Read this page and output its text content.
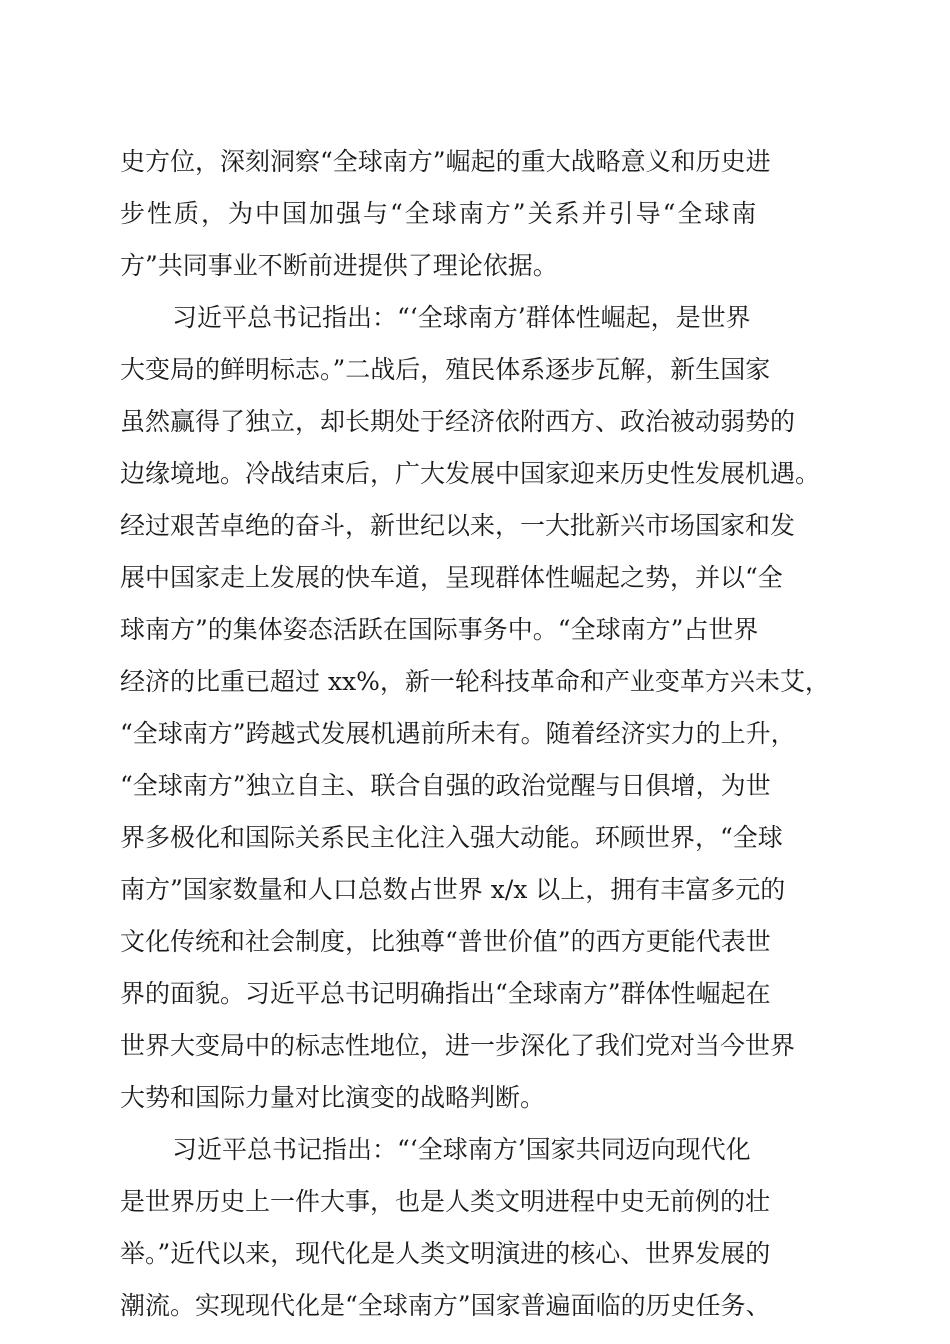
史方位，深刻洞察“全球南方”崛起的重大战略意义和历史进
步性质，为中国加强与“全球南方”关系并引导“全球南
方”共同事业不断前进提供了理论依据。
习近平总书记指出：“‘全球南方’群体性崛起，是世界
大变局的鲜明标志。”二战后，殖民体系逐步瓦解，新生国家
虽然赢得了独立，却长期处于经济依附西方、政治被动弱势的
边缘境地。冷战结束后，广大发展中国家迎来历史性发展机遇。
经过艰苦卓绝的奋斗，新世纪以来，一大批新兴市场国家和发
展中国家走上发展的快车道，呈现群体性崛起之势，并以“全
球南方”的集体姿态活跃在国际事务中。“全球南方”占世界
经济的比重已超过 xx%，新一轮科技革命和产业变革方兴未艾，
“全球南方”跨越式发展机遇前所未有。随着经济实力的上升，
“全球南方”独立自主、联合自强的政治觉醒与日俱增，为世
界多极化和国际关系民主化注入强大动能。环顾世界，“全球
南方”国家数量和人口总数占世界 x/x 以上，拥有丰富多元的
文化传统和社会制度，比独尊“普世价值”的西方更能代表世
界的面貌。习近平总书记明确指出“全球南方”群体性崛起在
世界大变局中的标志性地位，进一步深化了我们党对当今世界
大势和国际力量对比演变的战略判断。
习近平总书记指出：“‘全球南方’国家共同迈向现代化
是世界历史上一件大事，也是人类文明进程中史无前例的壮
举。”近代以来，现代化是人类文明演进的核心、世界发展的
潮流。实现现代化是“全球南方”国家普遍面临的历史任务、
